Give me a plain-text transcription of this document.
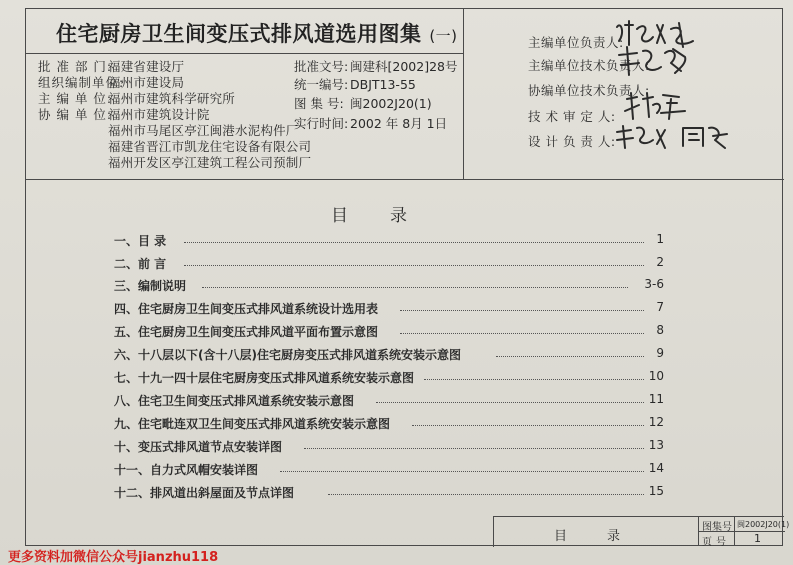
住宅厨房卫生间变压式排风道选用图集 (一)
批 准 部 门:福建省建设厅
组织编制单位:福州市建设局
主 编 单 位:福州市建筑科学研究所
协 编 单 位:福州市建筑设计院
福州市马尾区亭江闽港水泥构件厂
福建省晋江市凯龙住宅设备有限公司
福州开发区亭江建筑工程公司预制厂
批准文号: 闽建科[2002]28号
统一编号: DBJT13-55
图 集 号: 闽2002J20(1)
实行时间: 2002 年 8月 1日
主编单位负责人:
主编单位技术负责人:
协编单位技术负责人:
技 术 审 定 人:
设 计 负 责 人:
目录
一、目 录	1
二、前 言	2
三、编制说明	3-6
四、住宅厨房卫生间变压式排风道系统设计选用表	7
五、住宅厨房卫生间变压式排风道平面布置示意图	8
六、十八层以下(含十八层)住宅厨房变压式排风道系统安装示意图	9
七、十九一四十层住宅厨房变压式排风道系统安装示意图	10
八、住宅卫生间变压式排风道系统安装示意图	11
九、住宅毗连双卫生间变压式排风道系统安装示意图	12
十、变压式排风道节点安装详图	13
十一、自力式风帽安装详图	14
十二、排风道出斜屋面及节点详图	15
目录
图集号 闽2002J20(1)
页号 1
更多资料加微信公众号jianzhu118
